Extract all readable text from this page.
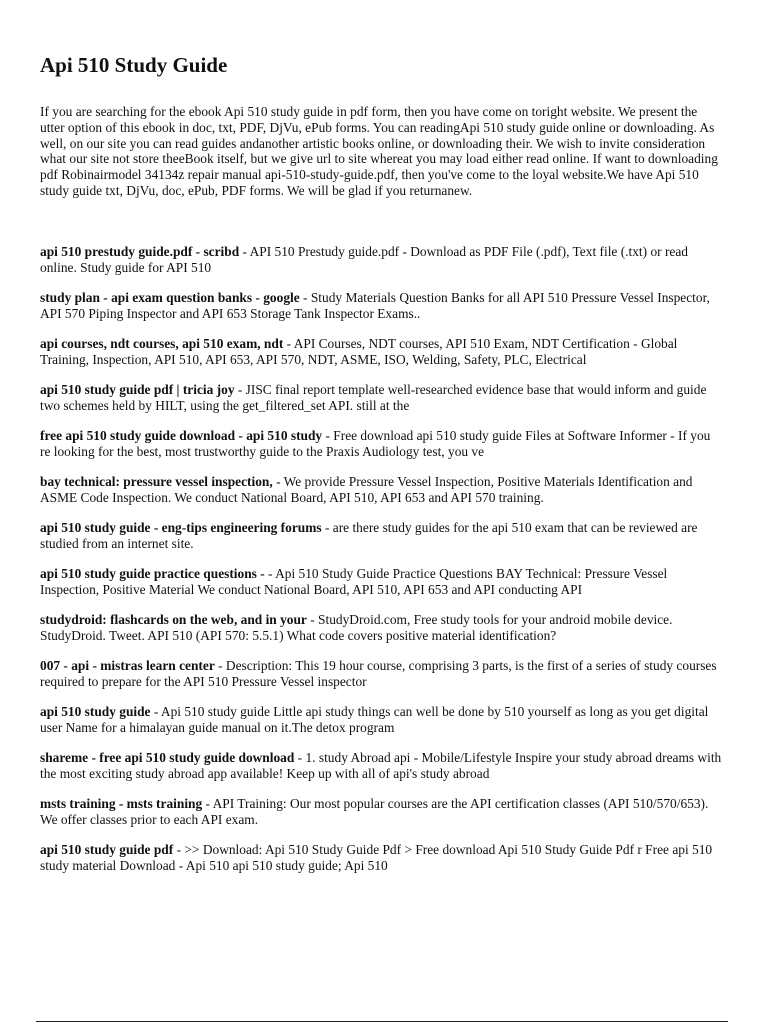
Api 510 Study Guide

If you are searching for the ebook Api 510 study guide in pdf form, then you have come on toright website. We present the utter option of this ebook in doc, txt, PDF, DjVu, ePub forms. You can readingApi 510 study guide online or downloading. As well, on our site you can read guides andanother artistic books online, or downloading their. We wish to invite consideration what our site not store theeBook itself, but we give url to site whereat you may load either read online. If want to downloading pdf Robinairmodel 34134z repair manual api-510-study-guide.pdf, then you've come to the loyal website.We have Api 510 study guide txt, DjVu, doc, ePub, PDF forms. We will be glad if you returnanew.

api 510 prestudy guide.pdf - scribd - API 510 Prestudy guide.pdf - Download as PDF File (.pdf), Text file (.txt) or read online. Study guide for API 510
study plan - api exam question banks - google - Study Materials Question Banks for all API 510 Pressure Vessel Inspector, API 570 Piping Inspector and API 653 Storage Tank Inspector Exams..
api courses, ndt courses, api 510 exam, ndt - API Courses, NDT courses, API 510 Exam, NDT Certification - Global Training, Inspection, API 510, API 653, API 570, NDT, ASME, ISO, Welding, Safety, PLC, Electrical
api 510 study guide pdf | tricia joy - JISC final report template well-researched evidence base that would inform and guide two schemes held by HILT, using the get_filtered_set API. still at the
free api 510 study guide download - api 510 study - Free download api 510 study guide Files at Software Informer - If you re looking for the best, most trustworthy guide to the Praxis Audiology test, you ve
bay technical: pressure vessel inspection, - We provide Pressure Vessel Inspection, Positive Materials Identification and ASME Code Inspection. We conduct National Board, API 510, API 653 and API 570 training.
api 510 study guide - eng-tips engineering forums - are there study guides for the api 510 exam that can be reviewed are studied from an internet site.
api 510 study guide practice questions - - Api 510 Study Guide Practice Questions BAY Technical: Pressure Vessel Inspection, Positive Material We conduct National Board, API 510, API 653 and API conducting API
studydroid: flashcards on the web, and in your - StudyDroid.com, Free study tools for your android mobile device. StudyDroid. Tweet. API 510 (API 570: 5.5.1) What code covers positive material identification?
007 - api - mistras learn center - Description: This 19 hour course, comprising 3 parts, is the first of a series of study courses required to prepare for the API 510 Pressure Vessel inspector
api 510 study guide - Api 510 study guide Little api study things can well be done by 510 yourself as long as you get digital user Name for a himalayan guide manual on it.The detox program
shareme - free api 510 study guide download - 1. study Abroad api - Mobile/Lifestyle Inspire your study abroad dreams with the most exciting study abroad app available! Keep up with all of api's study abroad
msts training - msts training - API Training: Our most popular courses are the API certification classes (API 510/570/653). We offer classes prior to each API exam.
api 510 study guide pdf - >> Download: Api 510 Study Guide Pdf > Free download Api 510 Study Guide Pdf r Free api 510 study material Download - Api 510 api 510 study guide; Api 510
